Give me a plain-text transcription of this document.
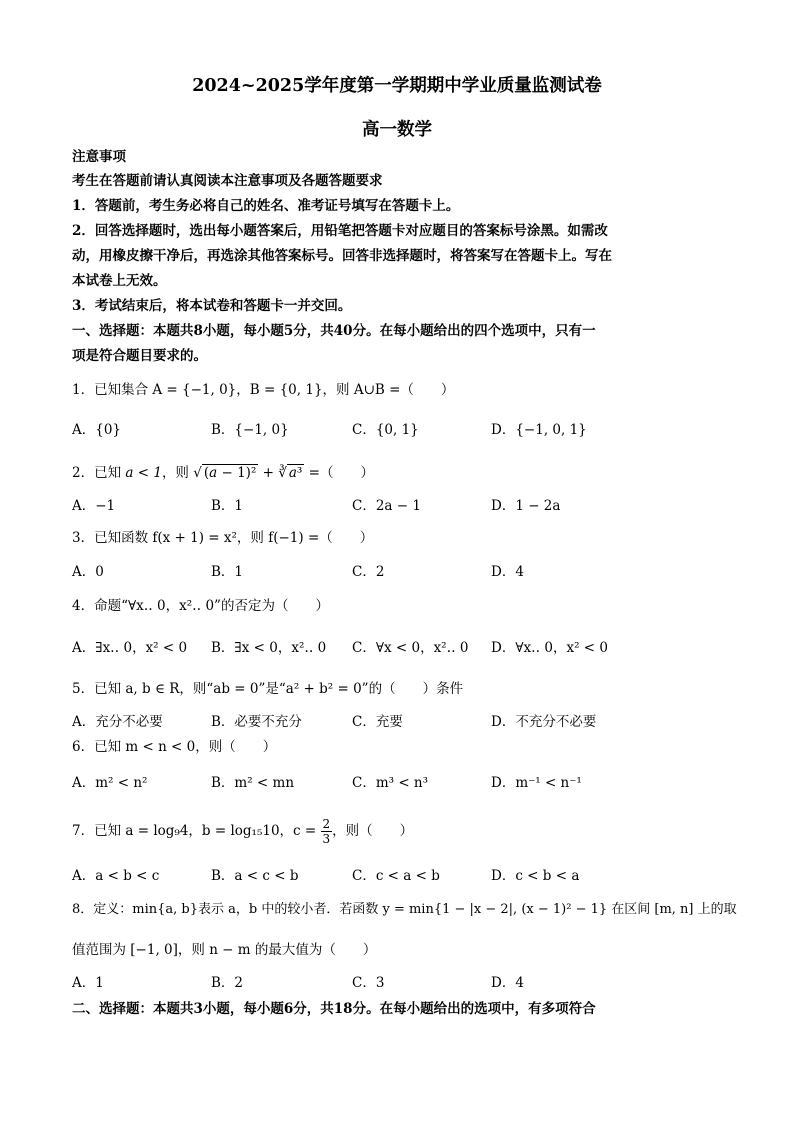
2024~2025学年度第一学期期中学业质量监测试卷
高一数学
注意事项
考生在答题前请认真阅读本注意事项及各题答题要求
1．答题前，考生务必将自己的姓名、准考证号填写在答题卡上。
2．回答选择题时，选出每小题答案后，用铅笔把答题卡对应题目的答案标号涂黑。如需改
动，用橡皮擦干净后，再选涂其他答案标号。回答非选择题时，将答案写在答题卡上。写在
本试卷上无效。
3．考试结束后，将本试卷和答题卡一并交回。
一、选择题：本题共8小题，每小题5分，共40分。在每小题给出的四个选项中，只有一
项是符合题目要求的。
1．已知集合 A = {−1, 0}，B = {0, 1}，则 A∪B =（　　）
A．{0}	B．{−1, 0}	C．{0, 1}	D．{−1, 0, 1}
2．已知 a < 1，则 √ (a − 1)² + ∛ a³ =（　　）
A．−1	B．1	C．2a − 1	D．1 − 2a
3．已知函数 f(x + 1) = x²，则 f(−1) =（　　）
A．0	B．1	C．2	D．4
4．命题“∀x‥ 0，x²‥ 0”的否定为（　　）
A．∃x‥ 0，x² < 0 B．∃x < 0，x²‥ 0 C．∀x < 0，x²‥ 0 D．∀x‥ 0，x² < 0
5．已知 a, b ∈ R，则“ab = 0”是“a² + b² = 0”的（　　）条件
A．充分不必要	B．必要不充分	C．充要	D．不充分不必要
6．已知 m < n < 0，则（　　）
A．m² < n²	B．m² < mn	C．m³ < n³	D．m⁻¹ < n⁻¹
7．已知 a = log₉4，b = log₁₅10，$c = \frac{2}{3}$ ，则（　　）
A．a < b < c	B．a < c < b	C．c < a < b	D．c < b < a
8．定义：min{a, b}表示 a，b 中的较小者．若函数 y = min{1 − |x − 2|, (x − 1)² − 1} 在区间 [m, n] 上的取
值范围为 [−1, 0]，则 n − m 的最大值为（　　）
A．1	B．2	C．3	D．4
二、选择题：本题共3小题，每小题6分，共18分。在每小题给出的选项中，有多项符合
